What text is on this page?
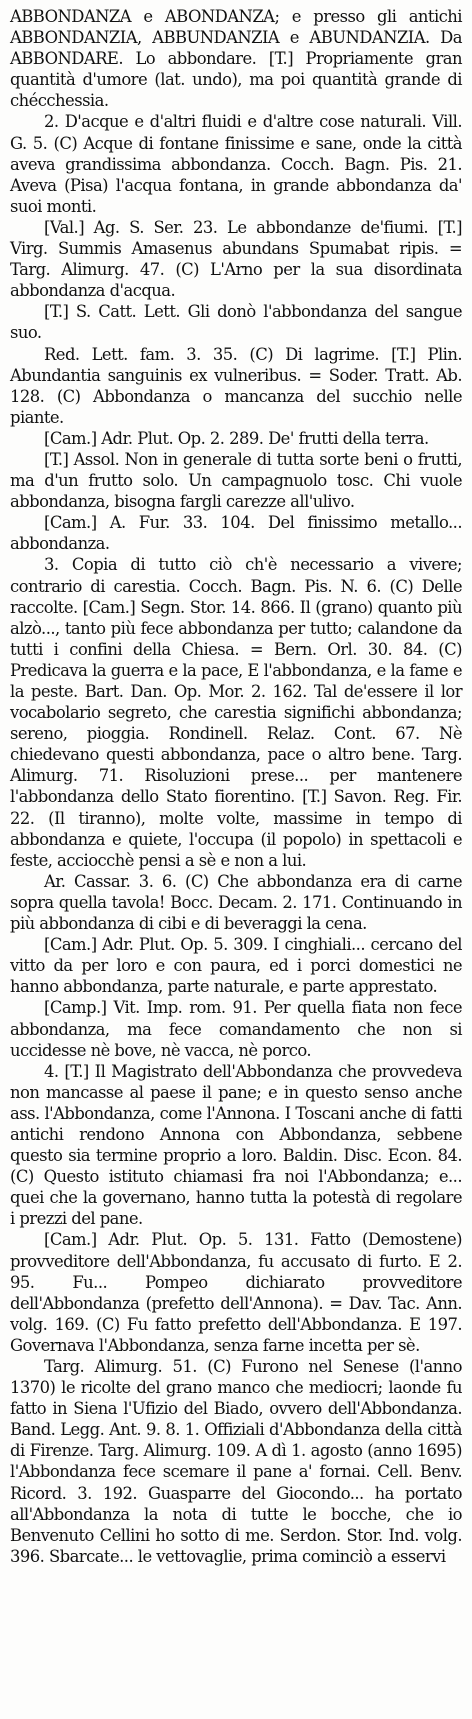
ABBONDANZA e ABONDANZA; e presso gli antichi ABBONDANZIA, ABBUNDANZIA e ABUNDANZIA. Da ABBONDARE. Lo abbondare. [T.] Propriamente gran quantità d'umore (lat. undo), ma poi quantità grande di chécchessia.

2. D'acque e d'altri fluidi e d'altre cose naturali. Vill. G. 5. (C) Acque di fontane finissime e sane, onde la città aveva grandissima abbondanza. Cocch. Bagn. Pis. 21. Aveva (Pisa) l'acqua fontana, in grande abbondanza da' suoi monti.

[Val.] Ag. S. Ser. 23. Le abbondanze de'fiumi. [T.] Virg. Summis Amasenus abundans Spumabat ripis. = Targ. Alimurg. 47. (C) L'Arno per la sua disordinata abbondanza d'acqua.

[T.] S. Catt. Lett. Gli donò l'abbondanza del sangue suo.

Red. Lett. fam. 3. 35. (C) Di lagrime. [T.] Plin. Abundantia sanguinis ex vulneribus. = Soder. Tratt. Ab. 128. (C) Abbondanza o mancanza del succhio nelle piante.

[Cam.] Adr. Plut. Op. 2. 289. De' frutti della terra.

[T.] Assol. Non in generale di tutta sorte beni o frutti, ma d'un frutto solo. Un campagnuolo tosc. Chi vuole abbondanza, bisogna fargli carezze all'ulivo.

[Cam.] A. Fur. 33. 104. Del finissimo metallo... abbondanza.

3. Copia di tutto ciò ch'è necessario a vivere; contrario di carestia. Cocch. Bagn. Pis. N. 6. (C) Delle raccolte. [Cam.] Segn. Stor. 14. 866. Il (grano) quanto più alzò..., tanto più fece abbondanza per tutto; calandone da tutti i confini della Chiesa. = Bern. Orl. 30. 84. (C) Predicava la guerra e la pace, E l'abbondanza, e la fame e la peste. Bart. Dan. Op. Mor. 2. 162. Tal de'essere il lor vocabolario segreto, che carestia significhi abbondanza; sereno, pioggia. Rondinell. Relaz. Cont. 67. Nè chiedevano questi abbondanza, pace o altro bene. Targ. Alimurg. 71. Risoluzioni prese... per mantenere l'abbondanza dello Stato fiorentino. [T.] Savon. Reg. Fir. 22. (Il tiranno), molte volte, massime in tempo di abbondanza e quiete, l'occupa (il popolo) in spettacoli e feste, acciocchè pensi a sè e non a lui.

Ar. Cassar. 3. 6. (C) Che abbondanza era di carne sopra quella tavola! Bocc. Decam. 2. 171. Continuando in più abbondanza di cibi e di beveraggi la cena.

[Cam.] Adr. Plut. Op. 5. 309. I cinghiali... cercano del vitto da per loro e con paura, ed i porci domestici ne hanno abbondanza, parte naturale, e parte apprestato.

[Camp.] Vit. Imp. rom. 91. Per quella fiata non fece abbondanza, ma fece comandamento che non si uccidesse nè bove, nè vacca, nè porco.

4. [T.] Il Magistrato dell'Abbondanza che provvedeva non mancasse al paese il pane; e in questo senso anche ass. l'Abbondanza, come l'Annona. I Toscani anche di fatti antichi rendono Annona con Abbondanza, sebbene questo sia termine proprio a loro. Baldin. Disc. Econ. 84. (C) Questo istituto chiamasi fra noi l'Abbondanza; e... quei che la governano, hanno tutta la potestà di regolare i prezzi del pane.

[Cam.] Adr. Plut. Op. 5. 131. Fatto (Demostene) provveditore dell'Abbondanza, fu accusato di furto. E 2. 95. Fu... Pompeo dichiarato provveditore dell'Abbondanza (prefetto dell'Annona). = Dav. Tac. Ann. volg. 169. (C) Fu fatto prefetto dell'Abbondanza. E 197. Governava l'Abbondanza, senza farne incetta per sè.

Targ. Alimurg. 51. (C) Furono nel Senese (l'anno 1370) le ricolte del grano manco che mediocri; laonde fu fatto in Siena l'Ufizio del Biado, ovvero dell'Abbondanza. Band. Legg. Ant. 9. 8. 1. Offiziali d'Abbondanza della città di Firenze. Targ. Alimurg. 109. A dì 1. agosto (anno 1695) l'Abbondanza fece scemare il pane a' fornai. Cell. Benv. Ricord. 3. 192. Guasparre del Giocondo... ha portato all'Abbondanza la nota di tutte le bocche, che io Benvenuto Cellini ho sotto di me. Serdon. Stor. Ind. volg. 396. Sbarcate... le vettovaglie, prima cominciò a esservi
